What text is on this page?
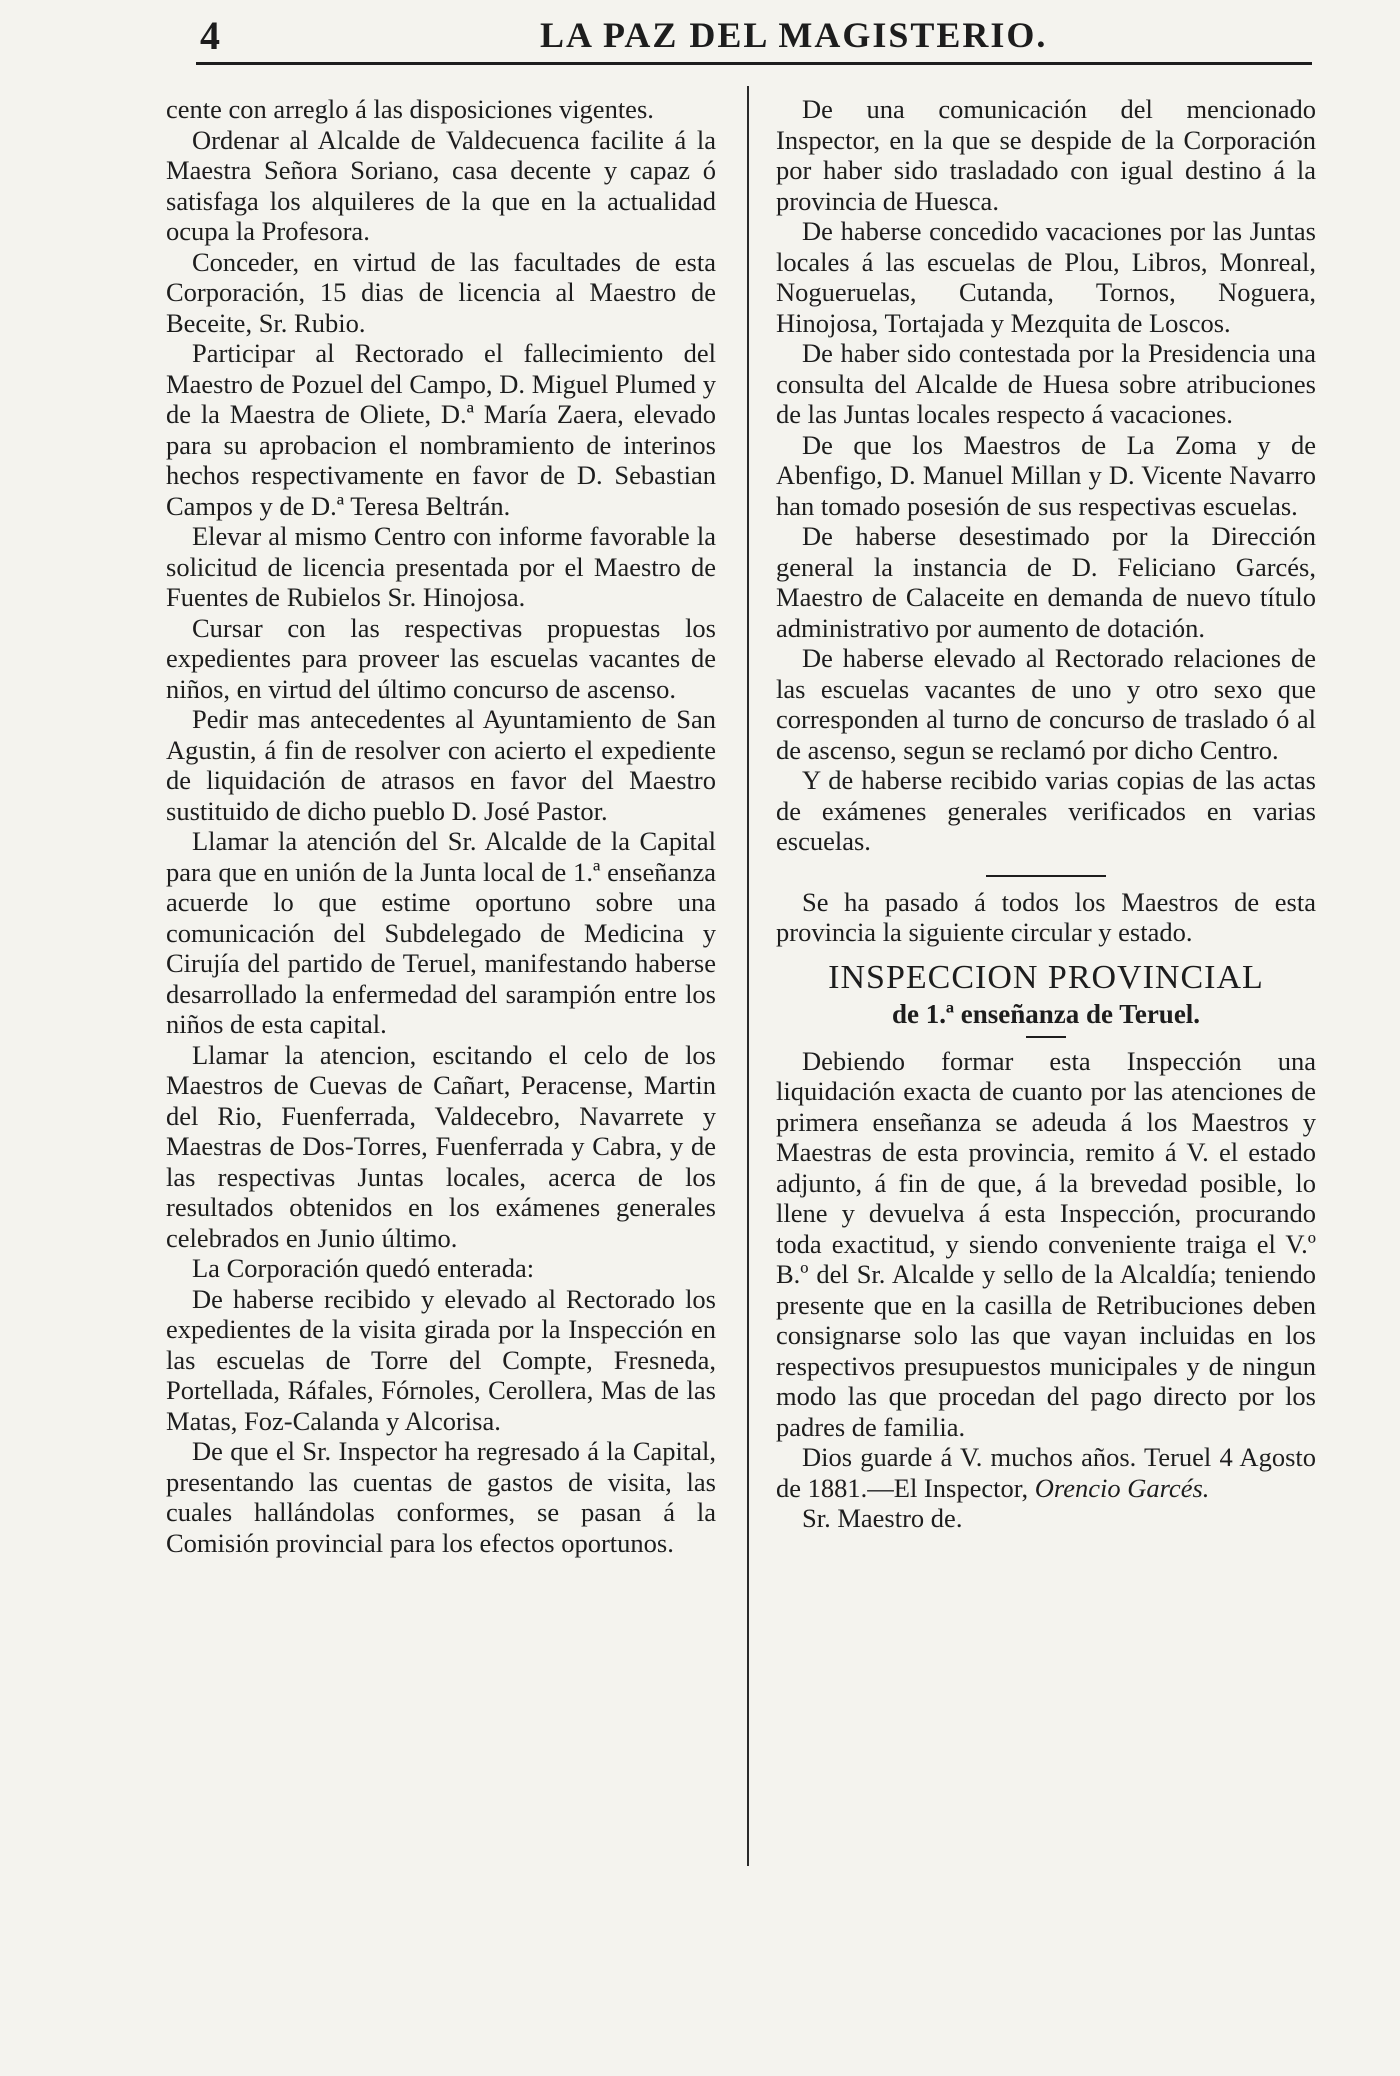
4	LA PAZ DEL MAGISTERIO.

cente con arreglo á las disposiciones vigentes.

Ordenar al Alcalde de Valdecuenca facilite á la Maestra Señora Soriano, casa decente y capaz ó satisfaga los alquileres de la que en la actualidad ocupa la Profesora.

Conceder, en virtud de las facultades de esta Corporación, 15 dias de licencia al Maestro de Beceite, Sr. Rubio.

Participar al Rectorado el fallecimiento del Maestro de Pozuel del Campo, D. Miguel Plumed y de la Maestra de Oliete, D.ª María Zaera, elevado para su aprobacion el nombramiento de interinos hechos respectivamente en favor de D. Sebastian Campos y de D.ª Teresa Beltrán.

Elevar al mismo Centro con informe favorable la solicitud de licencia presentada por el Maestro de Fuentes de Rubielos Sr. Hinojosa.

Cursar con las respectivas propuestas los expedientes para proveer las escuelas vacantes de niños, en virtud del último concurso de ascenso.

Pedir mas antecedentes al Ayuntamiento de San Agustin, á fin de resolver con acierto el expediente de liquidación de atrasos en favor del Maestro sustituido de dicho pueblo D. José Pastor.

Llamar la atención del Sr. Alcalde de la Capital para que en unión de la Junta local de 1.ª enseñanza acuerde lo que estime oportuno sobre una comunicación del Subdelegado de Medicina y Cirujía del partido de Teruel, manifestando haberse desarrollado la enfermedad del sarampión entre los niños de esta capital.

Llamar la atencion, escitando el celo de los Maestros de Cuevas de Cañart, Peracense, Martin del Rio, Fuenferrada, Valdecebro, Navarrete y Maestras de Dos-Torres, Fuenferrada y Cabra, y de las respectivas Juntas locales, acerca de los resultados obtenidos en los exámenes generales celebrados en Junio último.

La Corporación quedó enterada:

De haberse recibido y elevado al Rectorado los expedientes de la visita girada por la Inspección en las escuelas de Torre del Compte, Fresneda, Portellada, Ráfales, Fórnoles, Cerollera, Mas de las Matas, Foz-Calanda y Alcorisa.

De que el Sr. Inspector ha regresado á la Capital, presentando las cuentas de gastos de visita, las cuales hallándolas conformes, se pasan á la Comisión provincial para los efectos oportunos.

De una comunicación del mencionado Inspector, en la que se despide de la Corporación por haber sido trasladado con igual destino á la provincia de Huesca.

De haberse concedido vacaciones por las Juntas locales á las escuelas de Plou, Libros, Monreal, Nogueruelas, Cutanda, Tornos, Noguera, Hinojosa, Tortajada y Mezquita de Loscos.

De haber sido contestada por la Presidencia una consulta del Alcalde de Huesa sobre atribuciones de las Juntas locales respecto á vacaciones.

De que los Maestros de La Zoma y de Abenfigo, D. Manuel Millan y D. Vicente Navarro han tomado posesión de sus respectivas escuelas.

De haberse desestimado por la Dirección general la instancia de D. Feliciano Garcés, Maestro de Calaceite en demanda de nuevo título administrativo por aumento de dotación.

De haberse elevado al Rectorado relaciones de las escuelas vacantes de uno y otro sexo que corresponden al turno de concurso de traslado ó al de ascenso, segun se reclamó por dicho Centro.

Y de haberse recibido varias copias de las actas de exámenes generales verificados en varias escuelas.

Se ha pasado á todos los Maestros de esta provincia la siguiente circular y estado.

INSPECCION PROVINCIAL
de 1.ª enseñanza de Teruel.

Debiendo formar esta Inspección una liquidación exacta de cuanto por las atenciones de primera enseñanza se adeuda á los Maestros y Maestras de esta provincia, remito á V. el estado adjunto, á fin de que, á la brevedad posible, lo llene y devuelva á esta Inspección, procurando toda exactitud, y siendo conveniente traiga el V.º B.º del Sr. Alcalde y sello de la Alcaldía; teniendo presente que en la casilla de Retribuciones deben consignarse solo las que vayan incluidas en los respectivos presupuestos municipales y de ningun modo las que procedan del pago directo por los padres de familia.

Dios guarde á V. muchos años. Teruel 4 Agosto de 1881.—El Inspector, Orencio Garcés.

Sr. Maestro de.
